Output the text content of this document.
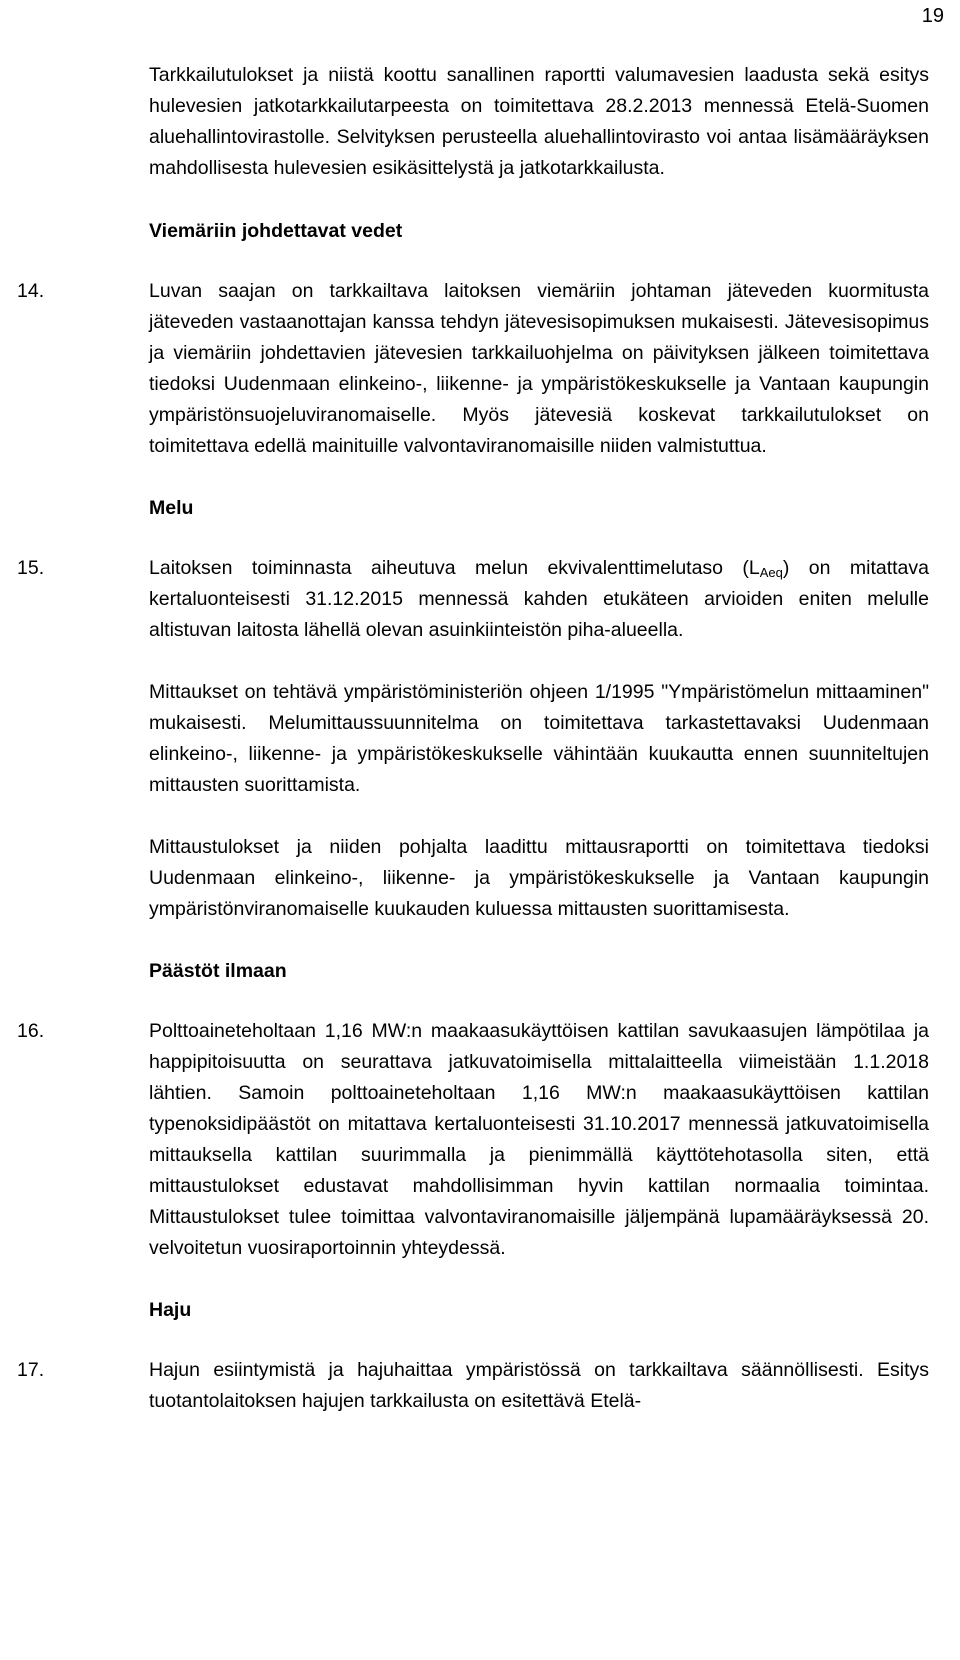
19

Tarkkailutulokset ja niistä koottu sanallinen raportti valumavesien laadusta sekä esitys hulevesien jatkotarkkailutarpeesta on toimitettava 28.2.2013 mennessä Etelä-Suomen aluehallintovirastolle. Selvityksen perusteella aluehallintovirasto voi antaa lisämääräyksen mahdollisesta hulevesien esikäsittelystä ja jatkotarkkailusta.

Viemäriin johdettavat vedet
14.	Luvan saajan on tarkkailtava laitoksen viemäriin johtaman jäteveden kuormitusta jäteveden vastaanottajan kanssa tehdyn jätevesisopimuksen mukaisesti. Jätevesisopimus ja viemäriin johdettavien jätevesien tarkkailuohjelma on päivityksen jälkeen toimitettava tiedoksi Uudenmaan elinkeino-, liikenne- ja ympäristökeskukselle ja Vantaan kaupungin ympäristönsuojeluviranomaiselle. Myös jätevesiä koskevat tarkkailutulokset on toimitettava edellä mainituille valvontaviranomaisille niiden valmistuttua.

Melu
15.	Laitoksen toiminnasta aiheutuva melun ekvivalenttimelutaso $(L_{Aeq})$ on mitattava kertaluonteisesti 31.12.2015 mennessä kahden etukäteen arvioiden eniten melulle altistuvan laitosta lähellä olevan asuinkiinteistön piha-alueella.

Mittaukset on tehtävä ympäristöministeriön ohjeen 1/1995 "Ympäristömelun mittaaminen" mukaisesti. Melumittaussuunnitelma on toimitettava tarkastettavaksi Uudenmaan elinkeino-, liikenne- ja ympäristökeskukselle vähintään kuukautta ennen suunniteltujen mittausten suorittamista.

Mittaustulokset ja niiden pohjalta laadittu mittausraportti on toimitettava tiedoksi Uudenmaan elinkeino-, liikenne- ja ympäristökeskukselle ja Vantaan kaupungin ympäristönviranomaiselle kuukauden kuluessa mittausten suorittamisesta.

Päästöt ilmaan
16.	Polttoaineteholtaan 1,16 MW:n maakaasukäyttöisen kattilan savukaasujen lämpötilaa ja happipitoisuutta on seurattava jatkuvatoimisella mittalaitteella viimeistään 1.1.2018 lähtien. Samoin polttoaineteholtaan 1,16 MW:n maakaasukäyttöisen kattilan typenoksidipäästöt on mitattava kertaluonteisesti 31.10.2017 mennessä jatkuvatoimisella mittauksella kattilan suurimmalla ja pienimmällä käyttötehotasolla siten, että mittaustulokset edustavat mahdollisimman hyvin kattilan normaalia toimintaa. Mittaustulokset tulee toimittaa valvontaviranomaisille jäljempänä lupamääräyksessä 20. velvoitetun vuosiraportoinnin yhteydessä.

Haju
17.	Hajun esiintymistä ja hajuhaittaa ympäristössä on tarkkailtava säännöllisesti. Esitys tuotantolaitoksen hajujen tarkkailusta on esitettävä Etelä-
